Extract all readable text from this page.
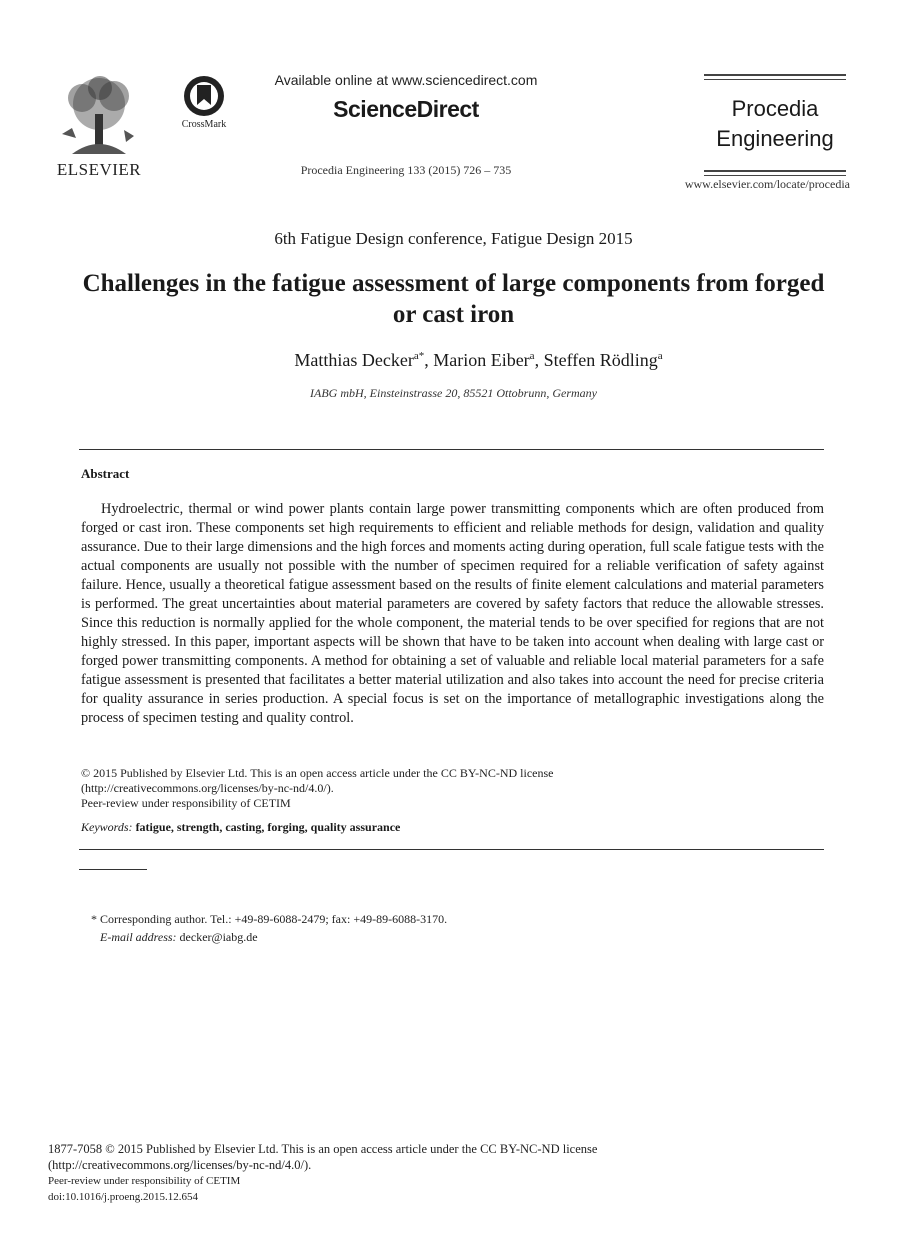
ELSEVIER
CrossMark
Available online at www.sciencedirect.com
ScienceDirect
Procedia Engineering 133 (2015) 726 – 735
Procedia
Engineering
www.elsevier.com/locate/procedia
6th Fatigue Design conference, Fatigue Design 2015
Challenges in the fatigue assessment of large components from forged or cast iron
Matthias Decker$^{a*}$, Marion Eiber$^a$, Steffen Rödling$^a$
IABG mbH, Einsteinstrasse 20, 85521 Ottobrunn, Germany
Abstract
Hydroelectric, thermal or wind power plants contain large power transmitting components which are often produced from forged or cast iron. These components set high requirements to efficient and reliable methods for design, validation and quality assurance. Due to their large dimensions and the high forces and moments acting during operation, full scale fatigue tests with the actual components are usually not possible with the number of specimen required for a reliable verification of safety against failure. Hence, usually a theoretical fatigue assessment based on the results of finite element calculations and material parameters is performed. The great uncertainties about material parameters are covered by safety factors that reduce the allowable stresses. Since this reduction is normally applied for the whole component, the material tends to be over specified for regions that are not highly stressed. In this paper, important aspects will be shown that have to be taken into account when dealing with large cast or forged power transmitting components. A method for obtaining a set of valuable and reliable local material parameters for a safe fatigue assessment is presented that facilitates a better material utilization and also takes into account the need for precise criteria for quality assurance in series production. A special focus is set on the importance of metallographic investigations along the process of specimen testing and quality control.
© 2015 Published by Elsevier Ltd. This is an open access article under the CC BY-NC-ND license
(http://creativecommons.org/licenses/by-nc-nd/4.0/).
Peer-review under responsibility of CETIM
Keywords: fatigue, strength, casting, forging, quality assurance
* Corresponding author. Tel.: +49-89-6088-2479; fax: +49-89-6088-3170.
E-mail address: decker@iabg.de
1877-7058 © 2015 Published by Elsevier Ltd. This is an open access article under the CC BY-NC-ND license
(http://creativecommons.org/licenses/by-nc-nd/4.0/).
Peer-review under responsibility of CETIM
doi:10.1016/j.proeng.2015.12.654
